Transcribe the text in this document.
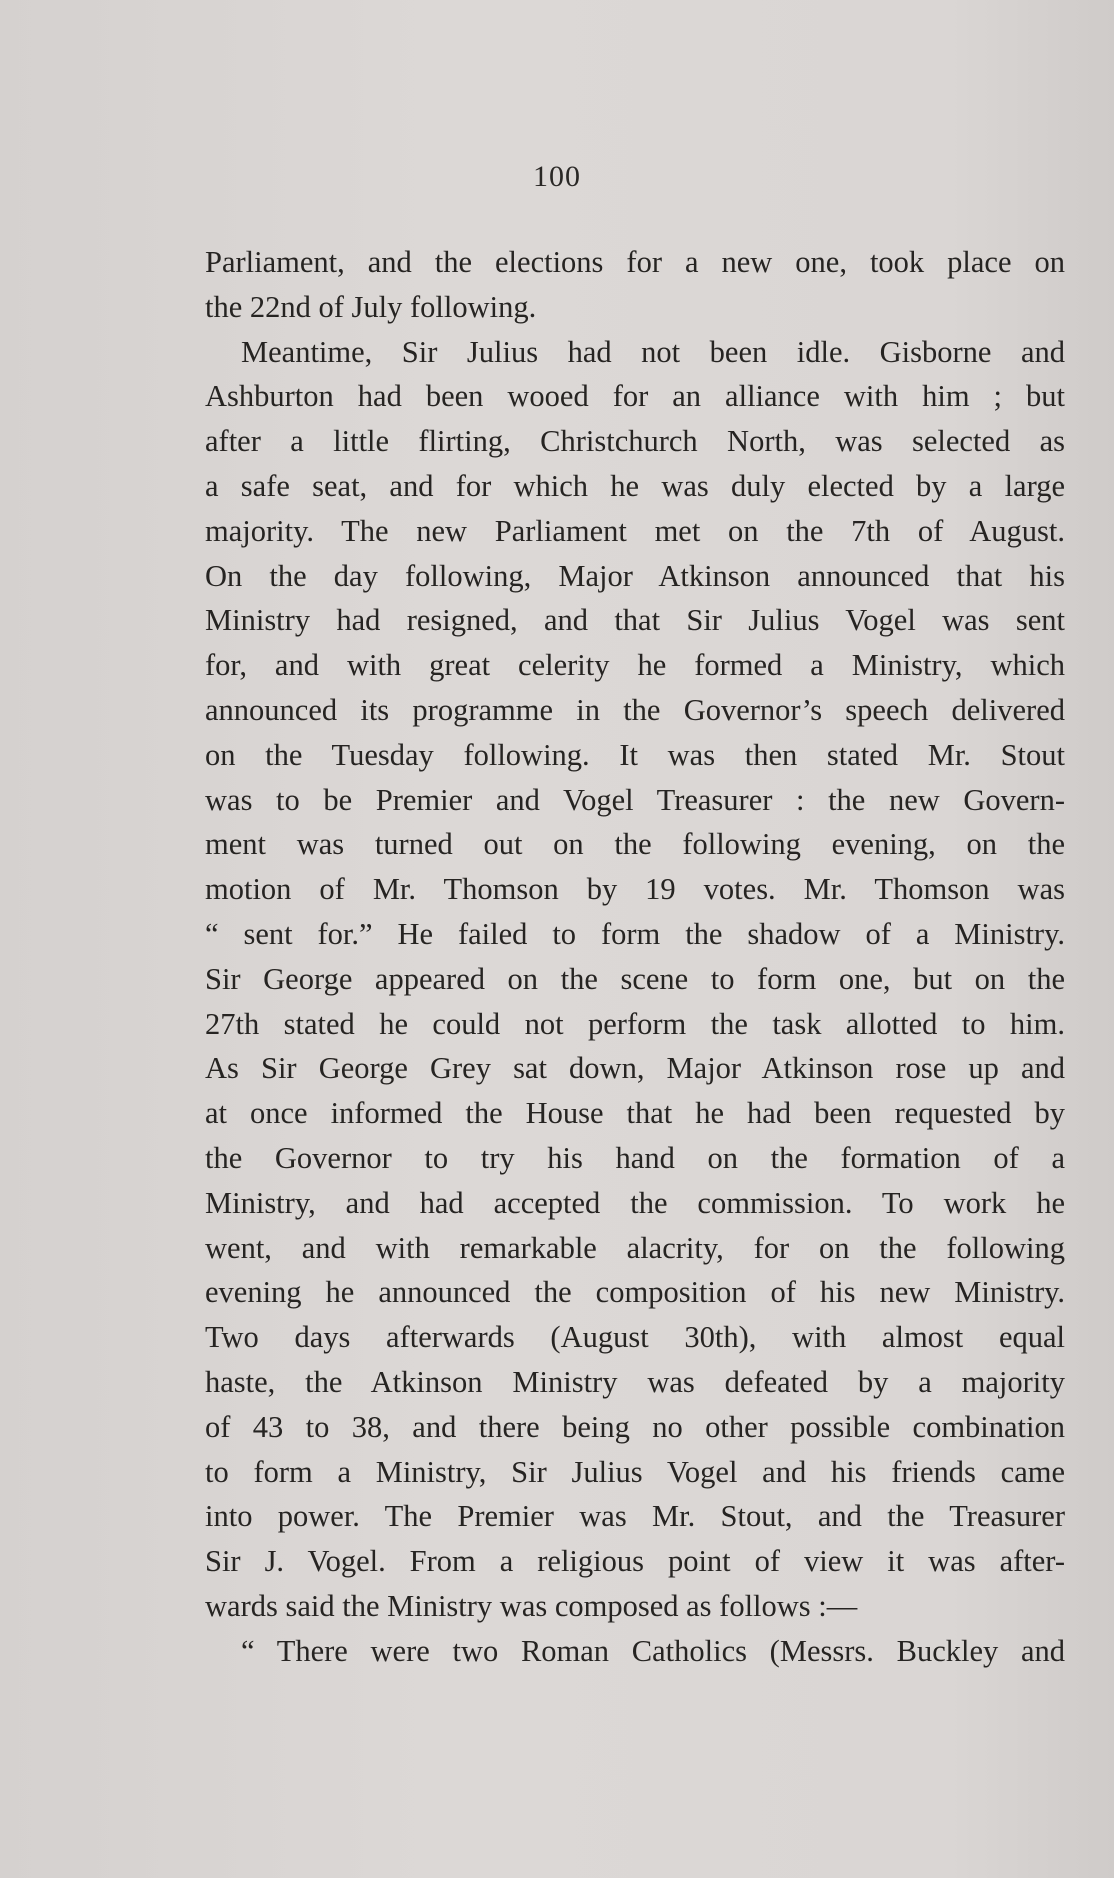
100
Parliament, and the elections for a new one, took place on
the 22nd of July following.
Meantime, Sir Julius had not been idle. Gisborne and
Ashburton had been wooed for an alliance with him ; but
after a little flirting, Christchurch North, was selected as
a safe seat, and for which he was duly elected by a large
majority. The new Parliament met on the 7th of August.
On the day following, Major Atkinson announced that his
Ministry had resigned, and that Sir Julius Vogel was sent
for, and with great celerity he formed a Ministry, which
announced its programme in the Governor’s speech delivered
on the Tuesday following. It was then stated Mr. Stout
was to be Premier and Vogel Treasurer : the new Govern-
ment was turned out on the following evening, on the
motion of Mr. Thomson by 19 votes. Mr. Thomson was
“ sent for.” He failed to form the shadow of a Ministry.
Sir George appeared on the scene to form one, but on the
27th stated he could not perform the task allotted to him.
As Sir George Grey sat down, Major Atkinson rose up and
at once informed the House that he had been requested by
the Governor to try his hand on the formation of a
Ministry, and had accepted the commission. To work he
went, and with remarkable alacrity, for on the following
evening he announced the composition of his new Ministry.
Two days afterwards (August 30th), with almost equal
haste, the Atkinson Ministry was defeated by a majority
of 43 to 38, and there being no other possible combination
to form a Ministry, Sir Julius Vogel and his friends came
into power. The Premier was Mr. Stout, and the Treasurer
Sir J. Vogel. From a religious point of view it was after-
wards said the Ministry was composed as follows :—
“ There were two Roman Catholics (Messrs. Buckley and
